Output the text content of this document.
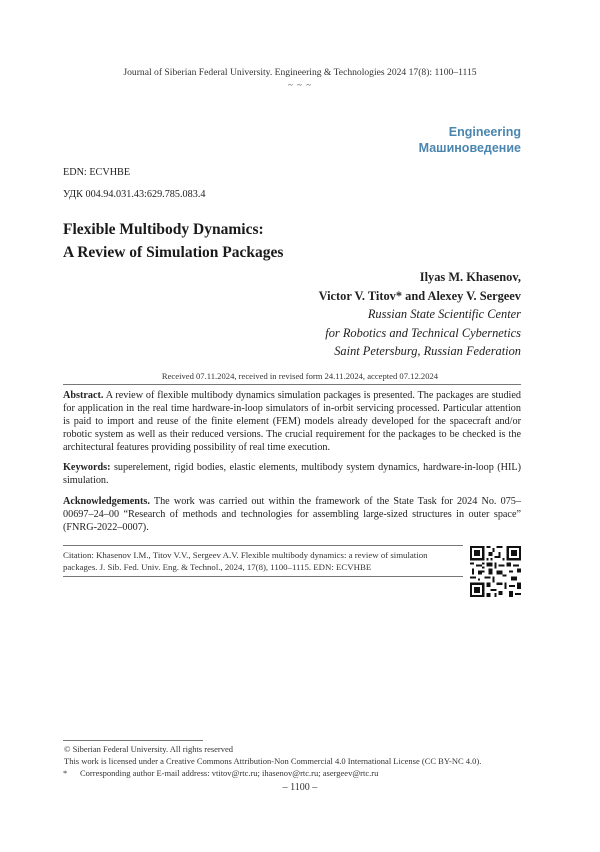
Journal of Siberian Federal University. Engineering & Technologies 2024 17(8): 1100–1115
~ ~ ~
Engineering
Машиноведение
EDN: ECVHBE
УДК 004.94.031.43:629.785.083.4
Flexible Multibody Dynamics:
A Review of Simulation Packages
Ilyas M. Khasenov,
Victor V. Titov* and Alexey V. Sergeev
Russian State Scientific Center
for Robotics and Technical Cybernetics
Saint Petersburg, Russian Federation
Received 07.11.2024, received in revised form 24.11.2024, accepted 07.12.2024
Abstract. A review of flexible multibody dynamics simulation packages is presented. The packages are studied for application in the real time hardware-in-loop simulators of in-orbit servicing processed. Particular attention is paid to import and reuse of the finite element (FEM) models already developed for the spacecraft and/or robotic system as well as their reduced versions. The crucial requirement for the packages to be checked is the architectural features providing possibility of real time execution.
Keywords: superelement, rigid bodies, elastic elements, multibody system dynamics, hardware-in-loop (HIL) simulation.
Acknowledgements. The work was carried out within the framework of the State Task for 2024 No. 075–00697–24–00 “Research of methods and technologies for assembling large-sized structures in outer space” (FNRG-2022–0007).
Citation: Khasenov I.M., Titov V.V., Sergeev A.V. Flexible multibody dynamics: a review of simulation packages. J. Sib. Fed. Univ. Eng. & Technol., 2024, 17(8), 1100–1115. EDN: ECVHBE
© Siberian Federal University. All rights reserved
This work is licensed under a Creative Commons Attribution-Non Commercial 4.0 International License (CC BY-NC 4.0).
* Corresponding author E-mail address: vtitov@rtc.ru; ihasenov@rtc.ru; asergeev@rtc.ru
– 1100 –
